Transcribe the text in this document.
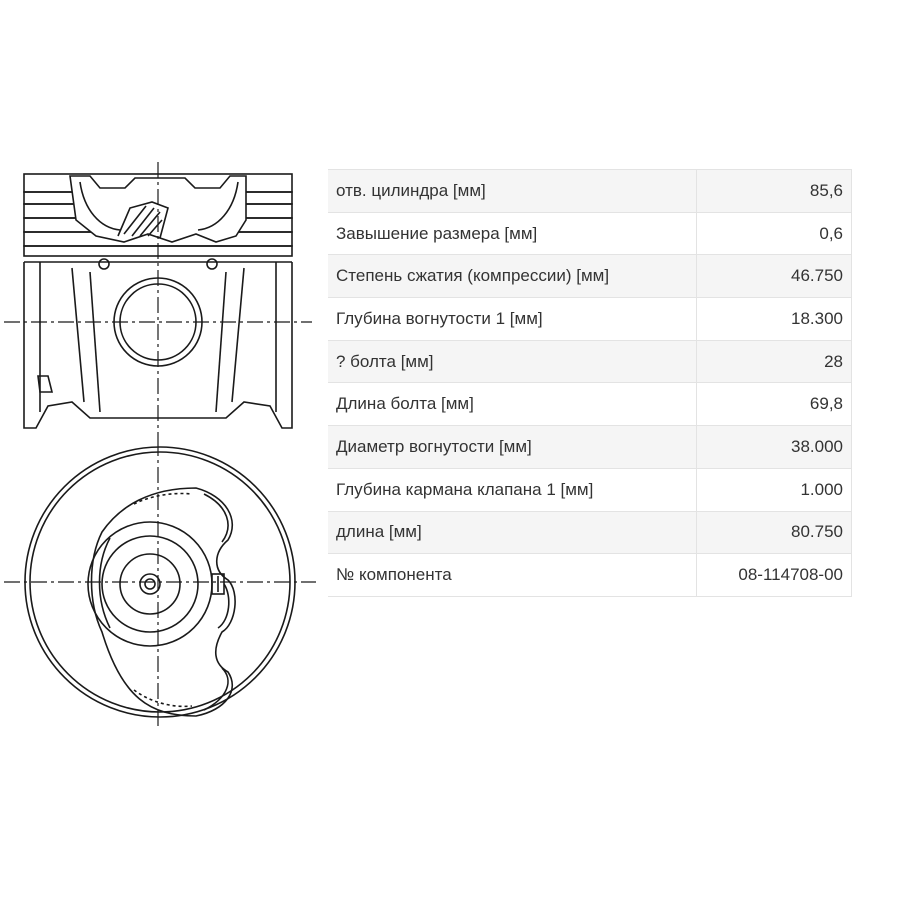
отв. цилиндра [мм]	85,6
Завышение размера [мм]	0,6
Степень сжатия (компрессии) [мм]	46.750
Глубина вогнутости 1 [мм]	18.300
? болта [мм]	28
Длина болта [мм]	69,8
Диаметр вогнутости [мм]	38.000
Глубина кармана клапана 1 [мм]	1.000
длина [мм]	80.750
№ компонента	08-114708-00
